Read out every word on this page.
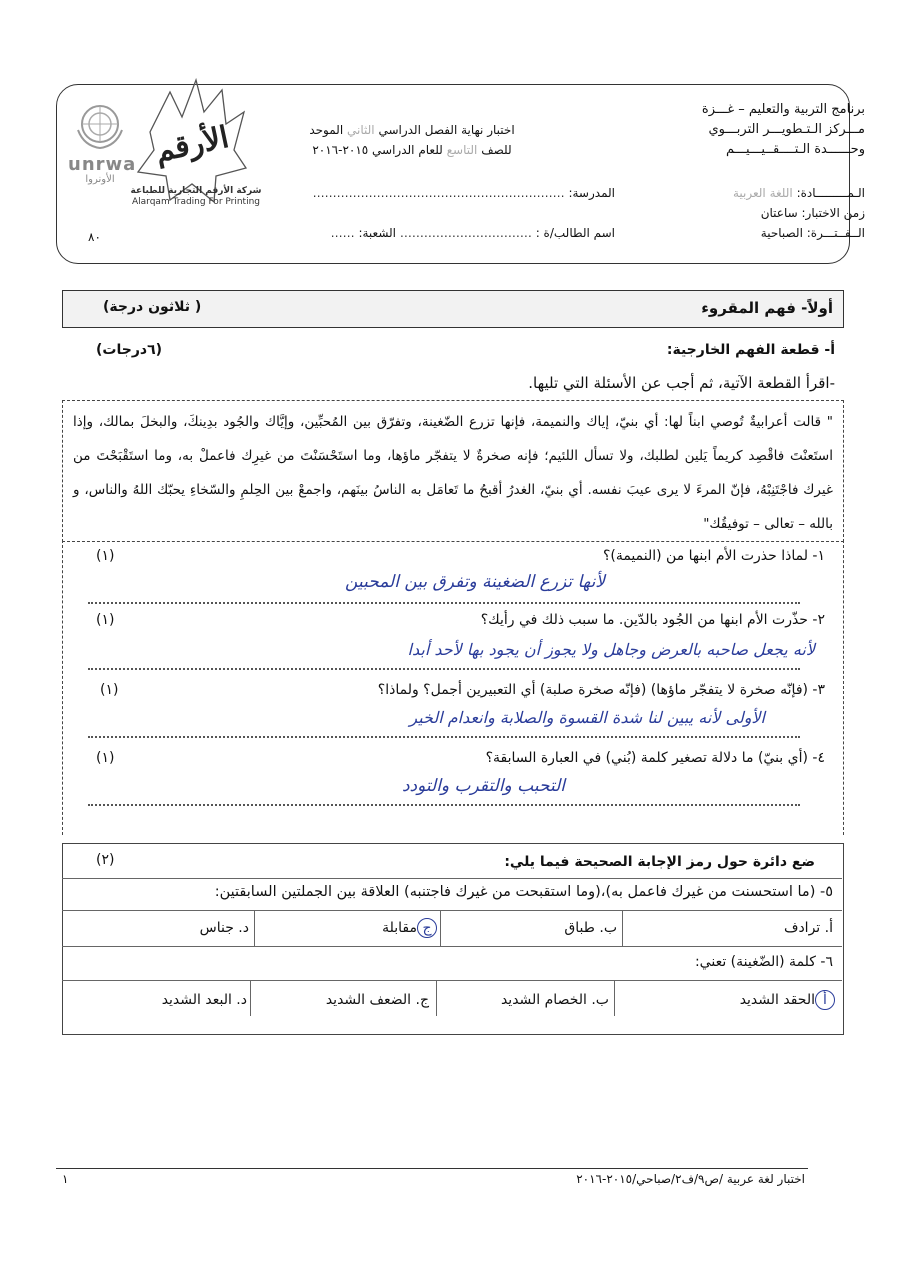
unrwa
الأونروا
الأرقم
شركة الأرقم التجارية للطباعة
Alarqam Trading For Printing
برنامج التربية والتعليم – غـــزة
مـــركز الـتـطويـــر التربـــوي
وحــــــدة الـتــــقــيـــيـــم
الـمـــــــــادة: اللغة العربية
زمن الاختبار: ساعتان
الــفــتـــرة: الصباحية
اختبار نهاية الفصل الدراسي الثاني الموحد
للصف التاسع للعام الدراسي ٢٠١٥-٢٠١٦
المدرسة: ………………………………………………………
اسم الطالب/ة : …………………………… الشعبة: ……
٨٠
أولاً- فهم المقروء
( ثلاثون درجة)
أ- قطعة الفهم الخارجية:
(٦درجات)
-اقرأ القطعة الآتية، ثم أجب عن الأسئلة التي تليها.
" قالت أعرابيةٌ تُوصي ابناً لها: أي بنيّ، إياك والنميمة، فإنها تزرع الضّغينة، وتفرّق بين المُحبِّين، وإيَّاك والجُود بدِينكَ، والبخلَ بمالك، وإذا استَعنْتَ فاقْصِد كريماً يَلين لطلبك، ولا تسأل اللئيم؛ فإنه صخرةٌ لا يتفجّر ماؤها، وما استَحْسَنْتَ من غيرِك فاعملْ به، وما استَقْبَحْتَ من غيرك فاجْتَنِبْهُ، فإنّ المرءَ لا يرى عيبَ نفسه. أي بنيّ، الغدرُ أقبحُ ما تَعامَل به الناسُ بينَهم، واجمعْ بين الحِلمِ والسّخاءِ يحبّك اللهُ والناس، و بالله – تعالى – توفيقُك"
١- لماذا حذرت الأم ابنها من (النميمة)؟
(١)
لأنها تزرع الضغينة وتفرق بين المحبين
٢- حذّرت الأم ابنها من الجُود بالدّين. ما سبب ذلك في رأيك؟
(١)
لأنه يجعل صاحبه بالعرض وجاهل ولا يجوز أن يجود بها لأحد أبدا
٣- (فإنّه صخرة لا يتفجّر ماؤها) (فإنّه صخرة صلبة) أي التعبيرين أجمل؟ ولماذا؟
(١)
الأولى لأنه يبين لنا شدة القسوة والصلابة وانعدام الخير
٤- (أي بنيّ) ما دلالة تصغير كلمة (بُني) في العبارة السابقة؟
(١)
التحبب والتقرب والتودد
ضع دائرة حول رمز الإجابة الصحيحة فيما يلي:
(٢)
٥- (ما استحسنت من غيرك فاعمل به)،(وما استقبحت من غيرك فاجتنبه) العلاقة بين الجملتين السابقتين:
أ. ترادف
ب. طباق
جمقابلة
د. جناس
٦- كلمة (الضّغينة) تعني:
أالحقد الشديد
ب. الخصام الشديد
ج. الضعف الشديد
د. البعد الشديد
اختبار لغة عربية /ص٩/ف٢/صباحي/٢٠١٥-٢٠١٦
١
